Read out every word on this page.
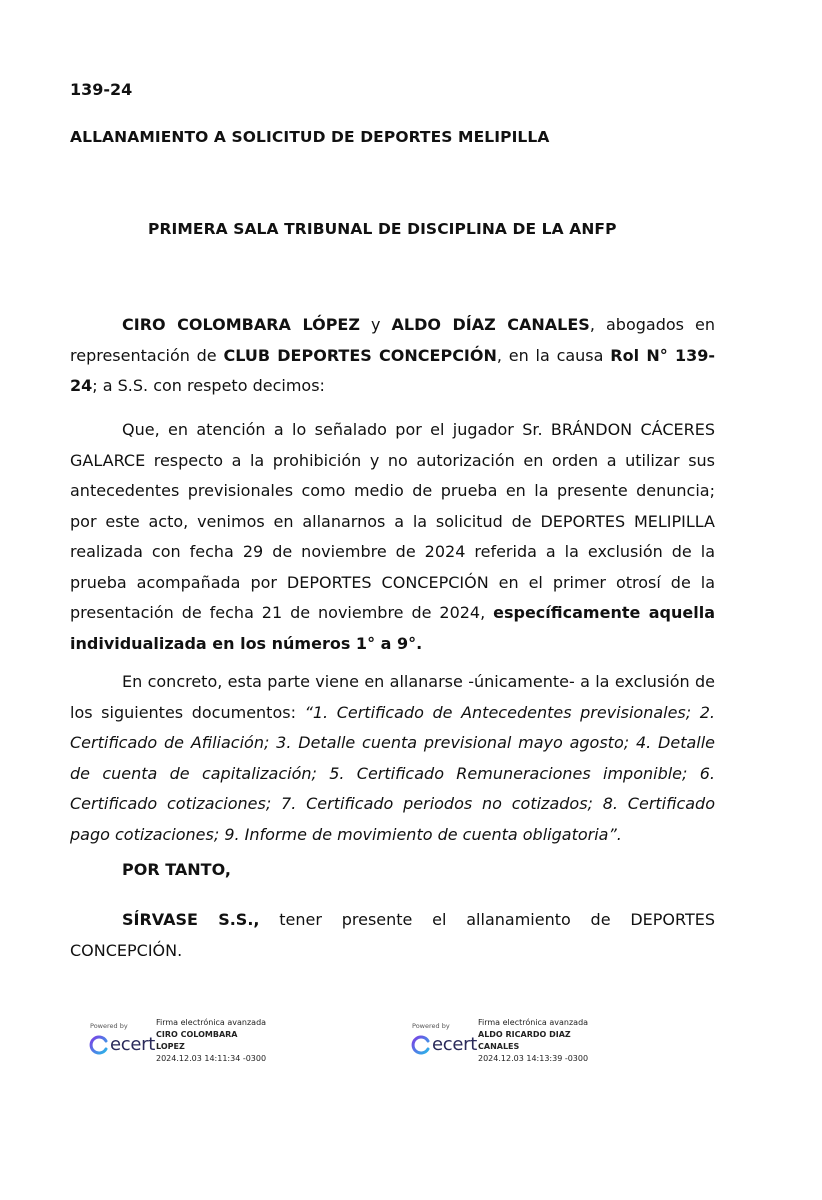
139-24
ALLANAMIENTO A SOLICITUD DE DEPORTES MELIPILLA
PRIMERA SALA TRIBUNAL DE DISCIPLINA DE LA ANFP

CIRO COLOMBARA LÓPEZ y ALDO DÍAZ CANALES, abogados en representación de CLUB DEPORTES CONCEPCIÓN, en la causa Rol N° 139-24; a S.S. con respeto decimos:

Que, en atención a lo señalado por el jugador Sr. BRÁNDON CÁCERES GALARCE respecto a la prohibición y no autorización en orden a utilizar sus antecedentes previsionales como medio de prueba en la presente denuncia; por este acto, venimos en allanarnos a la solicitud de DEPORTES MELIPILLA realizada con fecha 29 de noviembre de 2024 referida a la exclusión de la prueba acompañada por DEPORTES CONCEPCIÓN en el primer otrosí de la presentación de fecha 21 de noviembre de 2024, específicamente aquella individualizada en los números 1° a 9°.

En concreto, esta parte viene en allanarse -únicamente- a la exclusión de los siguientes documentos: “1. Certificado de Antecedentes previsionales; 2. Certificado de Afiliación; 3. Detalle cuenta previsional mayo agosto; 4. Detalle de cuenta de capitalización; 5. Certificado Remuneraciones imponible; 6. Certificado cotizaciones; 7. Certificado periodos no cotizados; 8. Certificado pago cotizaciones; 9. Informe de movimiento de cuenta obligatoria”.

POR TANTO,

SÍRVASE S.S., tener presente el allanamiento de DEPORTES CONCEPCIÓN.

Powered by
ecert
Firma electrónica avanzada
CIRO COLOMBARA LOPEZ
2024.12.03 14:11:34 -0300
Powered by
ecert
Firma electrónica avanzada
ALDO RICARDO DIAZ CANALES
2024.12.03 14:13:39 -0300
